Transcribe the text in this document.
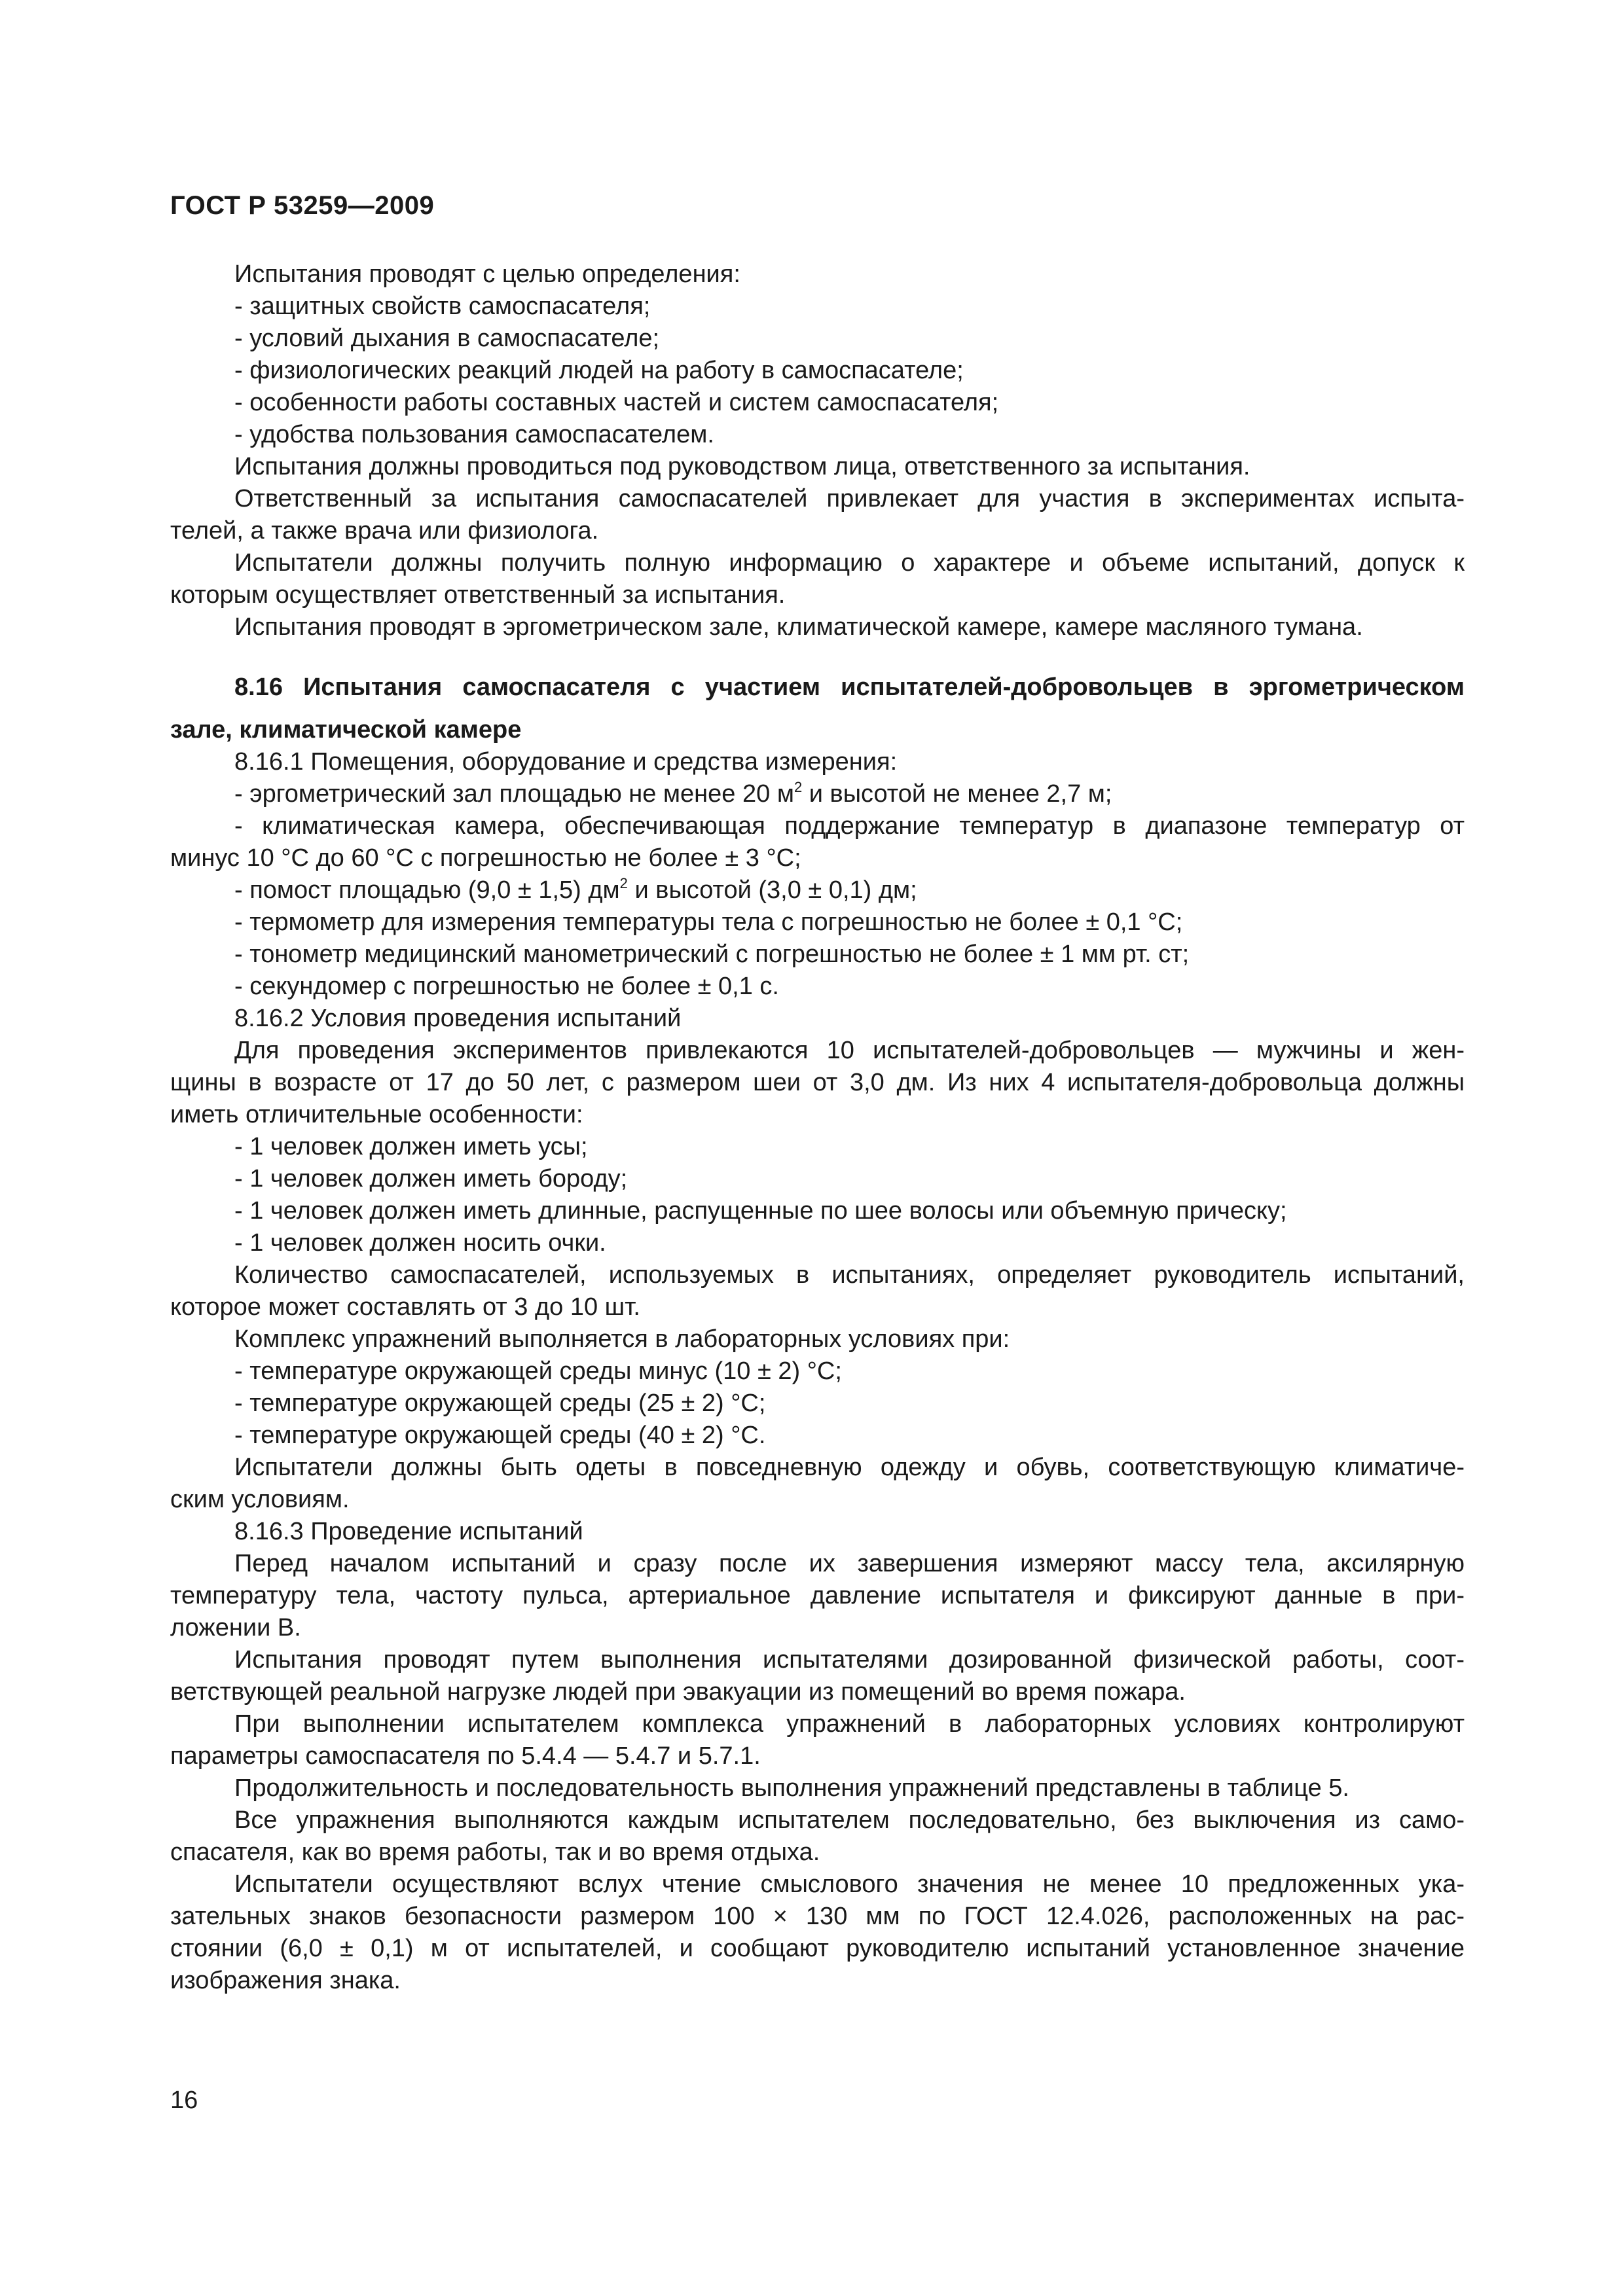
ГОСТ Р 53259—2009
Испытания проводят с целью определения:
- защитных свойств самоспасателя;
- условий дыхания в самоспасателе;
- физиологических реакций людей на работу в самоспасателе;
- особенности работы составных частей и систем самоспасателя;
- удобства пользования самоспасателем.
Испытания должны проводиться под руководством лица, ответственного за испытания.
Ответственный за испытания самоспасателей привлекает для участия в экспериментах испыта-
телей, а также врача или физиолога.
Испытатели должны получить полную информацию о характере и объеме испытаний, допуск к
которым осуществляет ответственный за испытания.
Испытания проводят в эргометрическом зале, климатической камере, камере масляного тумана.
8.16 Испытания самоспасателя с участием испытателей-добровольцев в эргометрическом
зале, климатической камере
8.16.1 Помещения, оборудование и средства измерения:
- эргометрический зал площадью не менее 20 $м^2$ и высотой не менее 2,7 м;
- климатическая камера, обеспечивающая поддержание температур в диапазоне температур от
минус 10 °С до 60 °С с погрешностью не более ± 3 °С;
- помост площадью (9,0 ± 1,5) $дм^2$ и высотой (3,0 ± 0,1) дм;
- термометр для измерения температуры тела с погрешностью не более ± 0,1 °С;
- тонометр медицинский манометрический с погрешностью не более ± 1 мм рт. ст;
- секундомер с погрешностью не более ± 0,1 с.
8.16.2 Условия проведения испытаний
Для проведения экспериментов привлекаются 10 испытателей-добровольцев — мужчины и жен-
щины в возрасте от 17 до 50 лет, с размером шеи от 3,0 дм. Из них 4 испытателя-добровольца должны
иметь отличительные особенности:
- 1 человек должен иметь усы;
- 1 человек должен иметь бороду;
- 1 человек должен иметь длинные, распущенные по шее волосы или объемную прическу;
- 1 человек должен носить очки.
Количество самоспасателей, используемых в испытаниях, определяет руководитель испытаний,
которое может составлять от 3 до 10 шт.
Комплекс упражнений выполняется в лабораторных условиях при:
- температуре окружающей среды минус (10 ± 2) °С;
- температуре окружающей среды (25 ± 2) °С;
- температуре окружающей среды (40 ± 2) °С.
Испытатели должны быть одеты в повседневную одежду и обувь, соответствующую климатиче-
ским условиям.
8.16.3 Проведение испытаний
Перед началом испытаний и сразу после их завершения измеряют массу тела, аксилярную
температуру тела, частоту пульса, артериальное давление испытателя и фиксируют данные в при-
ложении В.
Испытания проводят путем выполнения испытателями дозированной физической работы, соот-
ветствующей реальной нагрузке людей при эвакуации из помещений во время пожара.
При выполнении испытателем комплекса упражнений в лабораторных условиях контролируют
параметры самоспасателя по 5.4.4 — 5.4.7 и 5.7.1.
Продолжительность и последовательность выполнения упражнений представлены в таблице 5.
Все упражнения выполняются каждым испытателем последовательно, без выключения из само-
спасателя, как во время работы, так и во время отдыха.
Испытатели осуществляют вслух чтение смыслового значения не менее 10 предложенных ука-
зательных знаков безопасности размером 100 × 130 мм по ГОСТ 12.4.026, расположенных на рас-
стоянии (6,0 ± 0,1) м от испытателей, и сообщают руководителю испытаний установленное значение
изображения знака.
16
